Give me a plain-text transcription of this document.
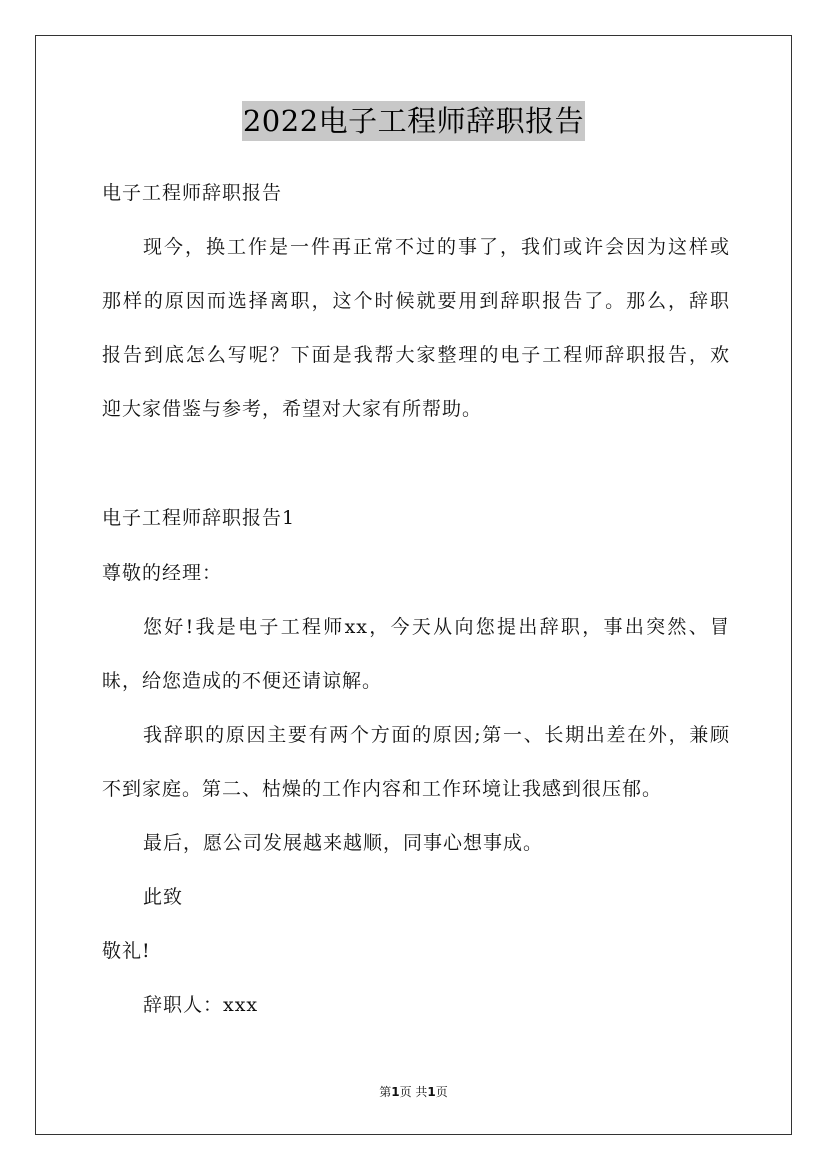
2022电子工程师辞职报告
电子工程师辞职报告
现今，换工作是一件再正常不过的事了，我们或许会因为这样或
那样的原因而选择离职，这个时候就要用到辞职报告了。那么，辞职
报告到底怎么写呢？下面是我帮大家整理的电子工程师辞职报告，欢
迎大家借鉴与参考，希望对大家有所帮助。
电子工程师辞职报告1
尊敬的经理：
您好!我是电子工程师xx，今天从向您提出辞职，事出突然、冒
昧，给您造成的不便还请谅解。
我辞职的原因主要有两个方面的原因;第一、长期出差在外，兼顾
不到家庭。第二、枯燥的工作内容和工作环境让我感到很压郁。
最后，愿公司发展越来越顺，同事心想事成。
此致
敬礼!
辞职人：xxx
第1页 共1页
